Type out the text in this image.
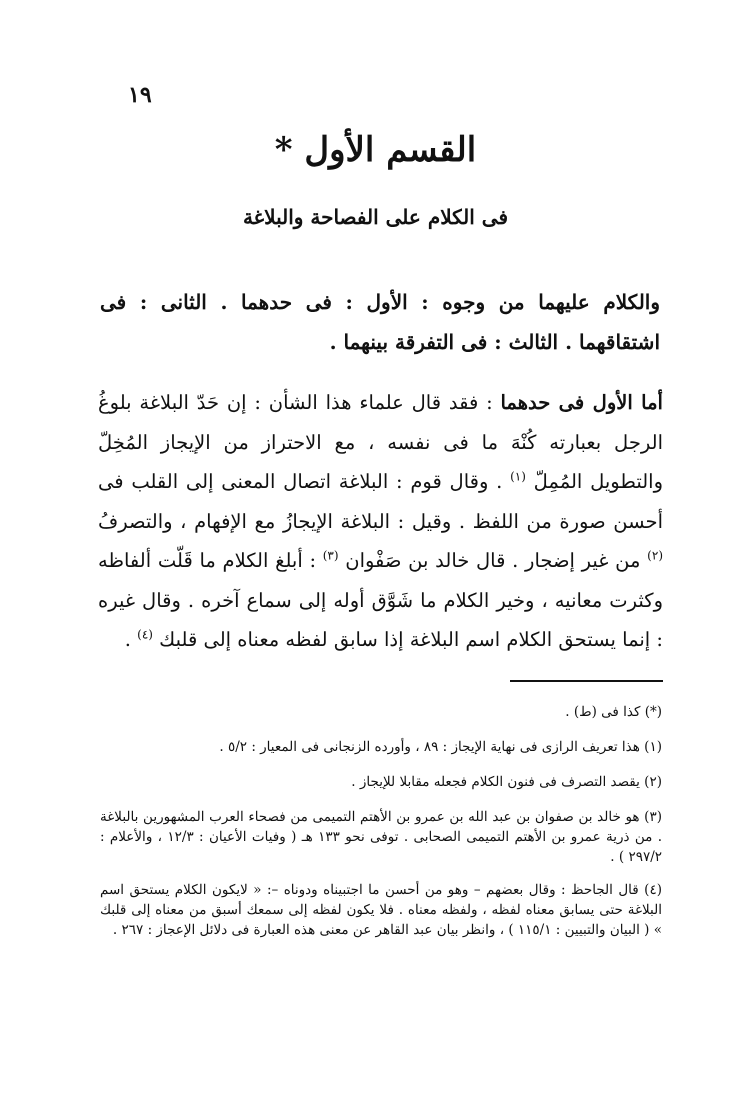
١٩
القسم الأول *
فى الكلام على الفصاحة والبلاغة
والكلام عليهما من وجوه : الأول : فى حدهما . الثانى : فى اشتقاقهما . الثالث : فى التفرقة بينهما .
أما الأول فى حدهما : فقد قال علماء هذا الشأن : إن حَدّ البلاغة بلوغُ الرجل بعبارته كُنْهَ ما فى نفسه ، مع الاحتراز من الإيجاز المُخِلّ والتطويل المُمِلّ $^{(١)}$ . وقال قوم : البلاغة اتصال المعنى إلى القلب فى أحسن صورة من اللفظ . وقيل : البلاغة الإيجازُ مع الإفهام ، والتصرفُ $^{(٢)}$ من غير إضجار . قال خالد بن صَفْوان $^{(٣)}$ : أبلغ الكلام ما قَلّت ألفاظه وكثرت معانيه ، وخير الكلام ما شَوَّق أوله إلى سماع آخره . وقال غيره : إنما يستحق الكلام اسم البلاغة إذا سابق لفظه معناه إلى قلبك $^{(٤)}$ .
(*) كذا فى (ط) .
(١) هذا تعريف الرازى فى نهاية الإيجاز : ٨٩ ، وأورده الزنجانى فى المعيار : ٥/٢ .
(٢) يقصد التصرف فى فنون الكلام فجعله مقابلا للإيجاز .
(٣) هو خالد بن صفوان بن عبد الله بن عمرو بن الأهتم التميمى من فصحاء العرب المشهورين بالبلاغة . من ذرية عمرو بن الأهتم التميمى الصحابى . توفى نحو ١٣٣ هـ ( وفيات الأعيان : ١٢/٣ ، والأعلام : ٢٩٧/٢ ) .
(٤) قال الجاحظ : وقال بعضهم – وهو من أحسن ما اجتبيناه ودوناه –: « لايكون الكلام يستحق اسم البلاغة حتى يسابق معناه لفظه ، ولفظه معناه . فلا يكون لفظه إلى سمعك أسبق من معناه إلى قلبك » ( البيان والتبيين : ١١٥/١ ) ، وانظر بيان عبد القاهر عن معنى هذه العبارة فى دلائل الإعجاز : ٢٦٧ .
